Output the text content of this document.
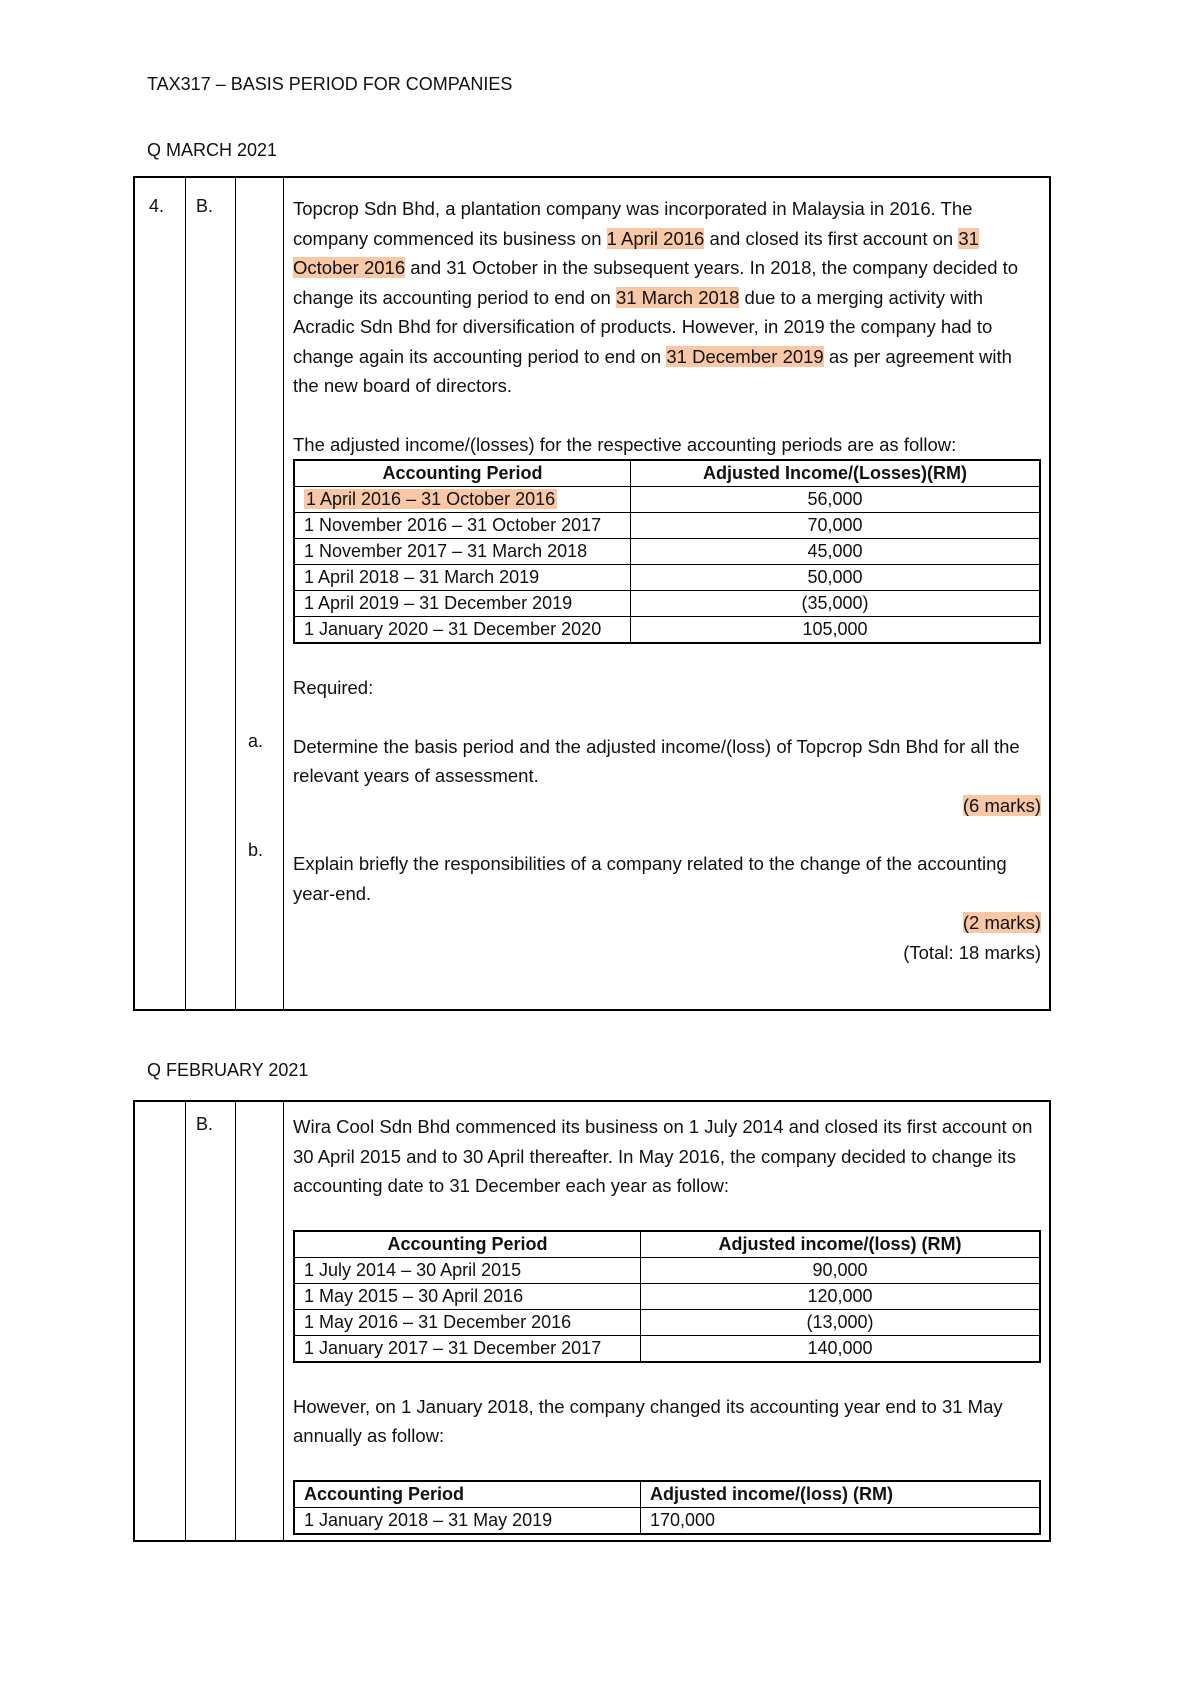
TAX317 – BASIS PERIOD FOR COMPANIES
Q MARCH 2021
4. B.
a.
b.

Topcrop Sdn Bhd, a plantation company was incorporated in Malaysia in 2016. The company commenced its business on 1 April 2016 and closed its first account on 31 October 2016 and 31 October in the subsequent years. In 2018, the company decided to change its accounting period to end on 31 March 2018 due to a merging activity with Acradic Sdn Bhd for diversification of products. However, in 2019 the company had to change again its accounting period to end on 31 December 2019 as per agreement with the new board of directors.

The adjusted income/(losses) for the respective accounting periods are as follow:

Accounting Period	Adjusted Income/(Losses)(RM)
1 April 2016 – 31 October 2016	56,000
1 November 2016 – 31 October 2017	70,000
1 November 2017 – 31 March 2018	45,000
1 April 2018 – 31 March 2019	50,000
1 April 2019 – 31 December 2019	(35,000)
1 January 2020 – 31 December 2020	105,000

Required:

Determine the basis period and the adjusted income/(loss) of Topcrop Sdn Bhd for all the relevant years of assessment.

(6 marks)

Explain briefly the responsibilities of a company related to the change of the accounting year-end.

(2 marks)

(Total: 18 marks)

Q FEBRUARY 2021
B.	Wira Cool Sdn Bhd commenced its business on 1 July 2014 and closed its first account on 30 April 2015 and to 30 April thereafter. In May 2016, the company decided to change its accounting date to 31 December each year as follow:

Accounting Period	Adjusted income/(loss) (RM)
1 July 2014 – 30 April 2015	90,000
1 May 2015 – 30 April 2016	120,000
1 May 2016 – 31 December 2016	(13,000)
1 January 2017 – 31 December 2017	140,000

However, on 1 January 2018, the company changed its accounting year end to 31 May annually as follow:

Accounting Period	Adjusted income/(loss) (RM)
1 January 2018 – 31 May 2019	170,000
